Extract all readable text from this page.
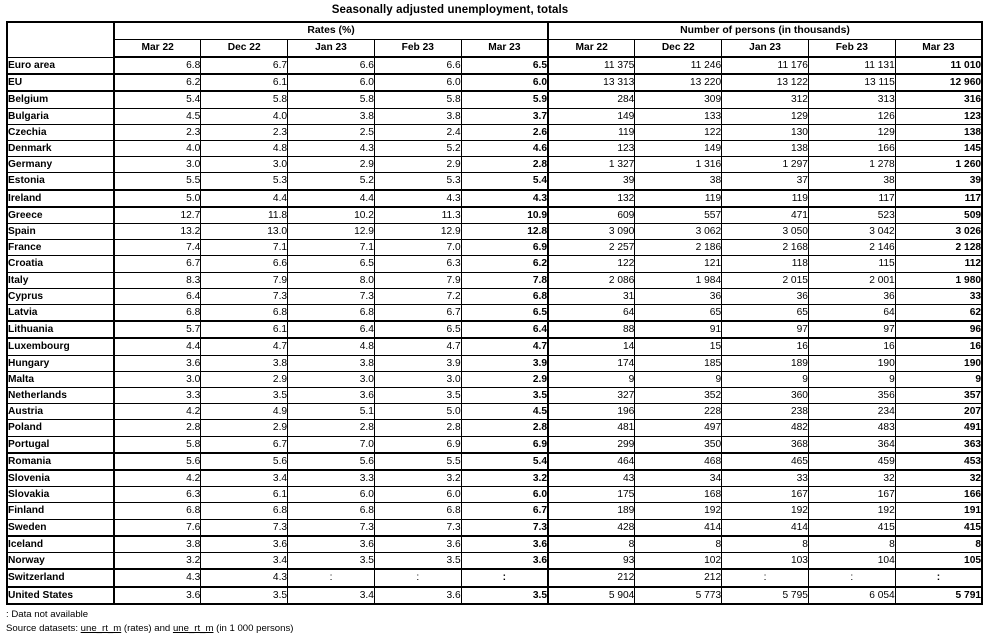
Seasonally adjusted unemployment, totals
	Rates (%)					Number of persons (in thousands)				
	Mar 22	Dec 22	Jan 23	Feb 23	Mar 23	Mar 22	Dec 22	Jan 23	Feb 23	Mar 23
Euro area	6.8	6.7	6.6	6.6	6.5	11 375	11 246	11 176	11 131	11 010
EU	6.2	6.1	6.0	6.0	6.0	13 313	13 220	13 122	13 115	12 960
Belgium	5.4	5.8	5.8	5.8	5.9	284	309	312	313	316
Bulgaria	4.5	4.0	3.8	3.8	3.7	149	133	129	126	123
Czechia	2.3	2.3	2.5	2.4	2.6	119	122	130	129	138
Denmark	4.0	4.8	4.3	5.2	4.6	123	149	138	166	145
Germany	3.0	3.0	2.9	2.9	2.8	1 327	1 316	1 297	1 278	1 260
Estonia	5.5	5.3	5.2	5.3	5.4	39	38	37	38	39
Ireland	5.0	4.4	4.4	4.3	4.3	132	119	119	117	117
Greece	12.7	11.8	10.2	11.3	10.9	609	557	471	523	509
Spain	13.2	13.0	12.9	12.9	12.8	3 090	3 062	3 050	3 042	3 026
France	7.4	7.1	7.1	7.0	6.9	2 257	2 186	2 168	2 146	2 128
Croatia	6.7	6.6	6.5	6.3	6.2	122	121	118	115	112
Italy	8.3	7.9	8.0	7.9	7.8	2 086	1 984	2 015	2 001	1 980
Cyprus	6.4	7.3	7.3	7.2	6.8	31	36	36	36	33
Latvia	6.8	6.8	6.8	6.7	6.5	64	65	65	64	62
Lithuania	5.7	6.1	6.4	6.5	6.4	88	91	97	97	96
Luxembourg	4.4	4.7	4.8	4.7	4.7	14	15	16	16	16
Hungary	3.6	3.8	3.8	3.9	3.9	174	185	189	190	190
Malta	3.0	2.9	3.0	3.0	2.9	9	9	9	9	9
Netherlands	3.3	3.5	3.6	3.5	3.5	327	352	360	356	357
Austria	4.2	4.9	5.1	5.0	4.5	196	228	238	234	207
Poland	2.8	2.9	2.8	2.8	2.8	481	497	482	483	491
Portugal	5.8	6.7	7.0	6.9	6.9	299	350	368	364	363
Romania	5.6	5.6	5.6	5.5	5.4	464	468	465	459	453
Slovenia	4.2	3.4	3.3	3.2	3.2	43	34	33	32	32
Slovakia	6.3	6.1	6.0	6.0	6.0	175	168	167	167	166
Finland	6.8	6.8	6.8	6.8	6.7	189	192	192	192	191
Sweden	7.6	7.3	7.3	7.3	7.3	428	414	414	415	415
Iceland	3.8	3.6	3.6	3.6	3.6	8	8	8	8	8
Norway	3.2	3.4	3.5	3.5	3.6	93	102	103	104	105
Switzerland	4.3	4.3	:	:	:	212	212	:	:	:
United States	3.6	3.5	3.4	3.6	3.5	5 904	5 773	5 795	6 054	5 791
: Data not available
Source datasets: une_rt_m (rates) and une_rt_m (in 1 000 persons)
